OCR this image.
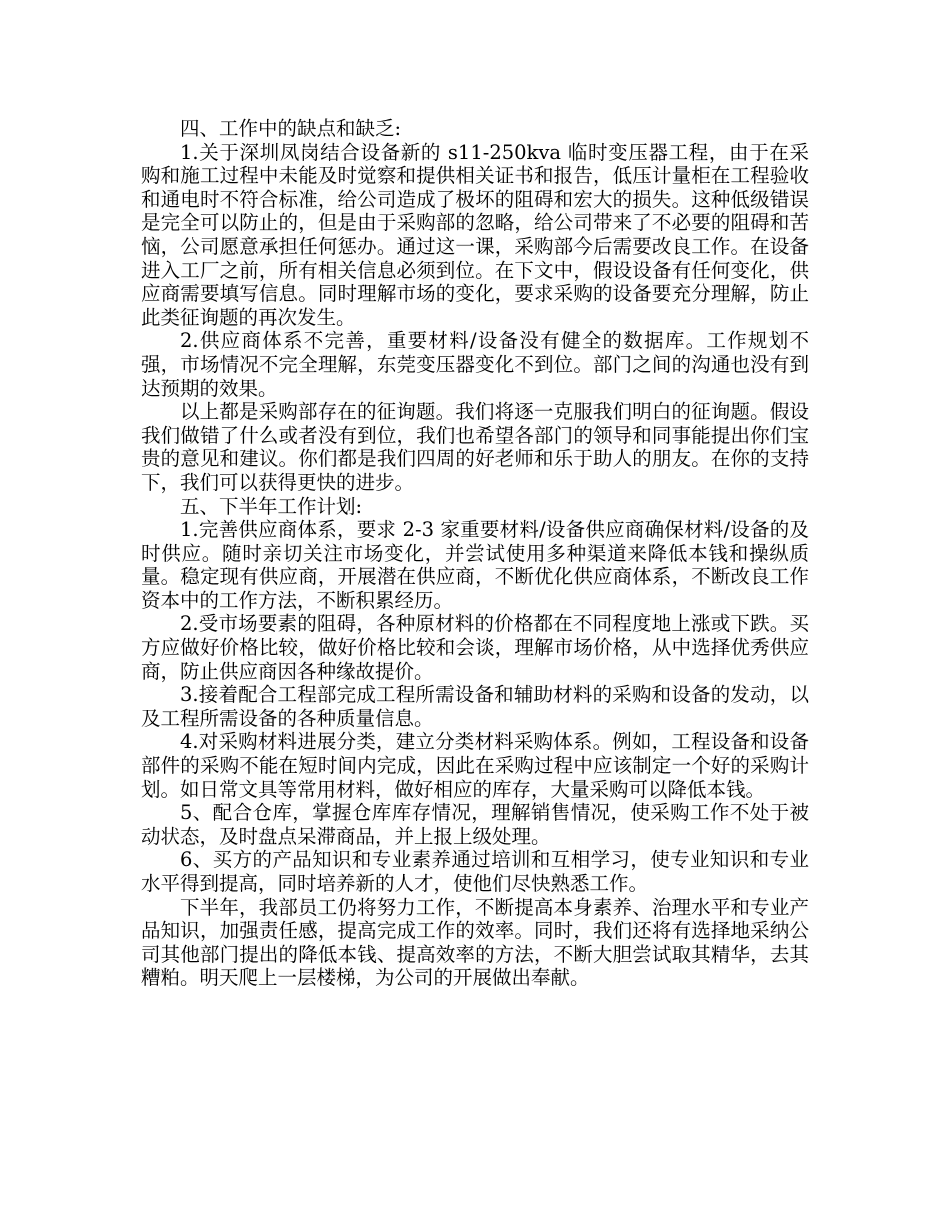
四、工作中的缺点和缺乏:

1.关于深圳凤岗结合设备新的 s11-250kva 临时变压器工程，由于在采购和施工过程中未能及时觉察和提供相关证书和报告，低压计量柜在工程验收和通电时不符合标准，给公司造成了极坏的阻碍和宏大的损失。这种低级错误是完全可以防止的，但是由于采购部的忽略，给公司带来了不必要的阻碍和苦恼，公司愿意承担任何惩办。通过这一课，采购部今后需要改良工作。在设备进入工厂之前，所有相关信息必须到位。在下文中，假设设备有任何变化，供应商需要填写信息。同时理解市场的变化，要求采购的设备要充分理解，防止此类征询题的再次发生。

2.供应商体系不完善，重要材料/设备没有健全的数据库。工作规划不强，市场情况不完全理解，东莞变压器变化不到位。部门之间的沟通也没有到达预期的效果。

以上都是采购部存在的征询题。我们将逐一克服我们明白的征询题。假设我们做错了什么或者没有到位，我们也希望各部门的领导和同事能提出你们宝贵的意见和建议。你们都是我们四周的好老师和乐于助人的朋友。在你的支持下，我们可以获得更快的进步。

五、下半年工作计划:

1.完善供应商体系，要求 2-3 家重要材料/设备供应商确保材料/设备的及时供应。随时亲切关注市场变化，并尝试使用多种渠道来降低本钱和操纵质量。稳定现有供应商，开展潜在供应商，不断优化供应商体系，不断改良工作资本中的工作方法，不断积累经历。

2.受市场要素的阻碍，各种原材料的价格都在不同程度地上涨或下跌。买方应做好价格比较，做好价格比较和会谈，理解市场价格，从中选择优秀供应商，防止供应商因各种缘故提价。

3.接着配合工程部完成工程所需设备和辅助材料的采购和设备的发动，以及工程所需设备的各种质量信息。

4.对采购材料进展分类，建立分类材料采购体系。例如，工程设备和设备部件的采购不能在短时间内完成，因此在采购过程中应该制定一个好的采购计划。如日常文具等常用材料，做好相应的库存，大量采购可以降低本钱。

5、配合仓库，掌握仓库库存情况，理解销售情况，使采购工作不处于被动状态，及时盘点呆滞商品，并上报上级处理。

6、买方的产品知识和专业素养通过培训和互相学习，使专业知识和专业水平得到提高，同时培养新的人才，使他们尽快熟悉工作。

下半年，我部员工仍将努力工作，不断提高本身素养、治理水平和专业产品知识，加强责任感，提高完成工作的效率。同时，我们还将有选择地采纳公司其他部门提出的降低本钱、提高效率的方法，不断大胆尝试取其精华，去其糟粕。明天爬上一层楼梯，为公司的开展做出奉献。
